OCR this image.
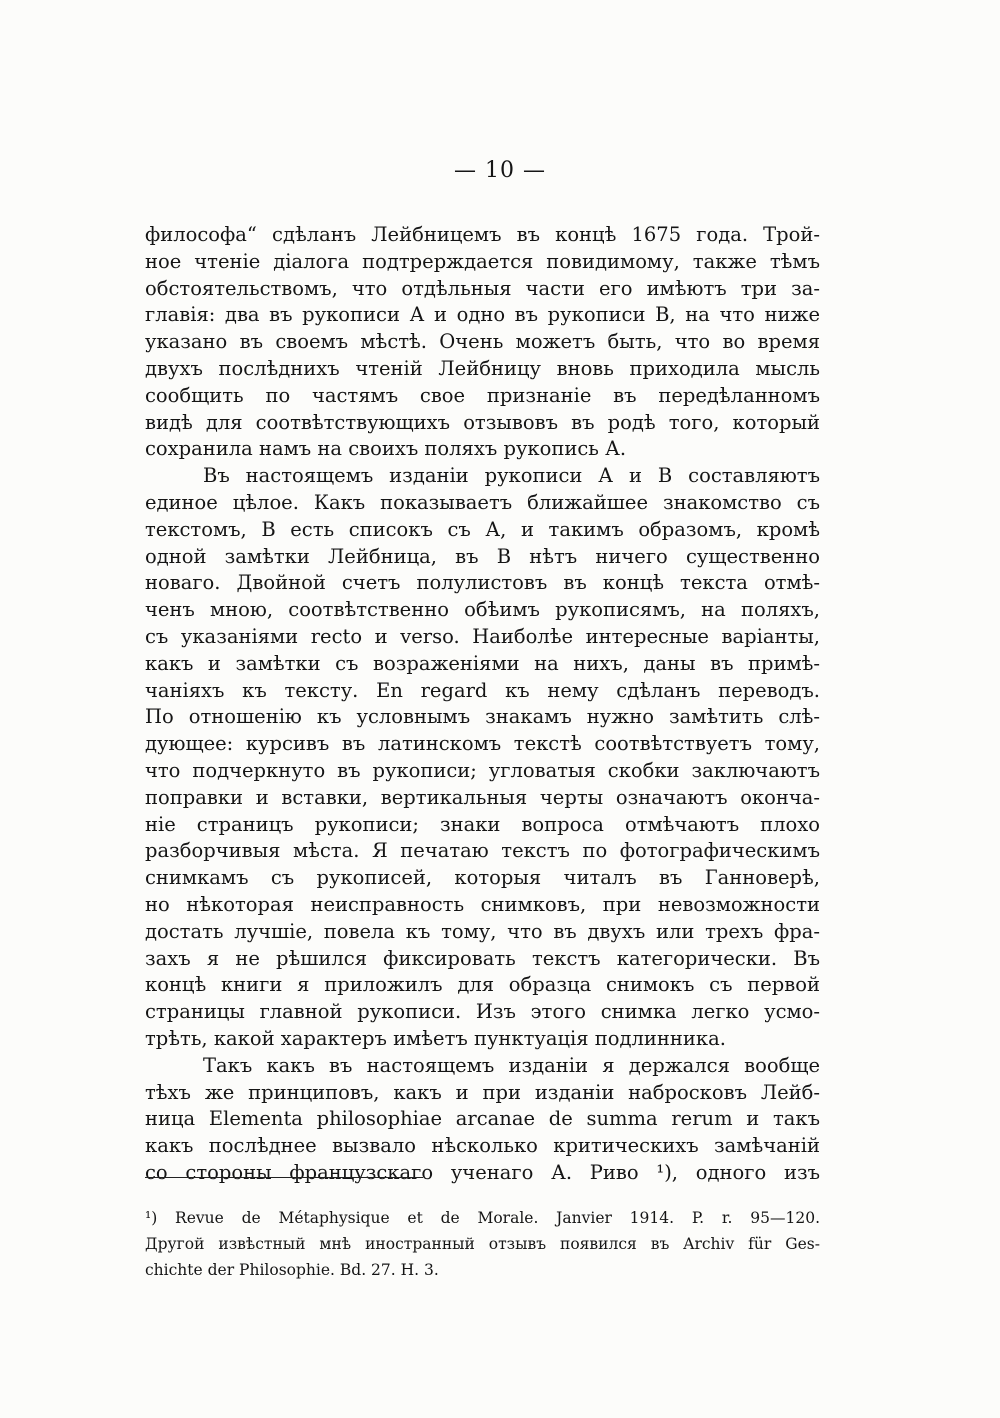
— 10 —
философа“ сдѣланъ Лейбницемъ въ концѣ 1675 года. Трой-
ное чтеніе діалога подтрерждается повидимому, также тѣмъ
обстоятельствомъ, что отдѣльныя части его имѣютъ три за-
главія: два въ рукописи А и одно въ рукописи В, на что ниже
указано въ своемъ мѣстѣ. Очень можетъ быть, что во время
двухъ послѣднихъ чтеній Лейбницу вновь приходила мысль
сообщить по частямъ свое признаніе въ передѣланномъ
видѣ для соотвѣтствующихъ отзывовъ въ родѣ того, который
сохранила намъ на своихъ поляхъ рукопись А.
Въ настоящемъ изданіи рукописи А и В составляютъ
единое цѣлое. Какъ показываетъ ближайшее знакомство съ
текстомъ, В есть списокъ съ А, и такимъ образомъ, кромѣ
одной замѣтки Лейбница, въ В нѣтъ ничего существенно
новаго. Двойной счетъ полулистовъ въ концѣ текста отмѣ-
ченъ мною, соотвѣтственно обѣимъ рукописямъ, на поляхъ,
съ указаніями recto и verso. Наиболѣе интересные варіанты,
какъ и замѣтки съ возраженіями на нихъ, даны въ примѣ-
чаніяхъ къ тексту. En regard къ нему сдѣланъ переводъ.
По отношенію къ условнымъ знакамъ нужно замѣтить слѣ-
дующее: курсивъ въ латинскомъ текстѣ соотвѣтствуетъ тому,
что подчеркнуто въ рукописи; угловатыя скобки заключаютъ
поправки и вставки, вертикальныя черты означаютъ оконча-
ніе страницъ рукописи; знаки вопроса отмѣчаютъ плохо
разборчивыя мѣста. Я печатаю текстъ по фотографическимъ
снимкамъ съ рукописей, которыя читалъ въ Ганноверѣ,
но нѣкоторая неисправность снимковъ, при невозможности
достать лучшіе, повела къ тому, что въ двухъ или трехъ фра-
захъ я не рѣшился фиксировать текстъ категорически. Въ
концѣ книги я приложилъ для образца снимокъ съ первой
страницы главной рукописи. Изъ этого снимка легко усмо-
трѣть, какой характеръ имѣетъ пунктуація подлинника.
Такъ какъ въ настоящемъ изданіи я держался вообще
тѣхъ же принциповъ, какъ и при изданіи набросковъ Лейб-
ница Elementa philosophiae arcanae de summa rerum и такъ
какъ послѣднее вызвало нѣсколько критическихъ замѣчаній
со стороны французскаго ученаго А. Риво ¹), одного изъ
¹) Revue de Métaphysique et de Morale. Janvier 1914. P. r. 95—120.
Другой извѣстный мнѣ иностранный отзывъ появился въ Archiv für Ges-
chichte der Philosophie. Bd. 27. H. 3.
